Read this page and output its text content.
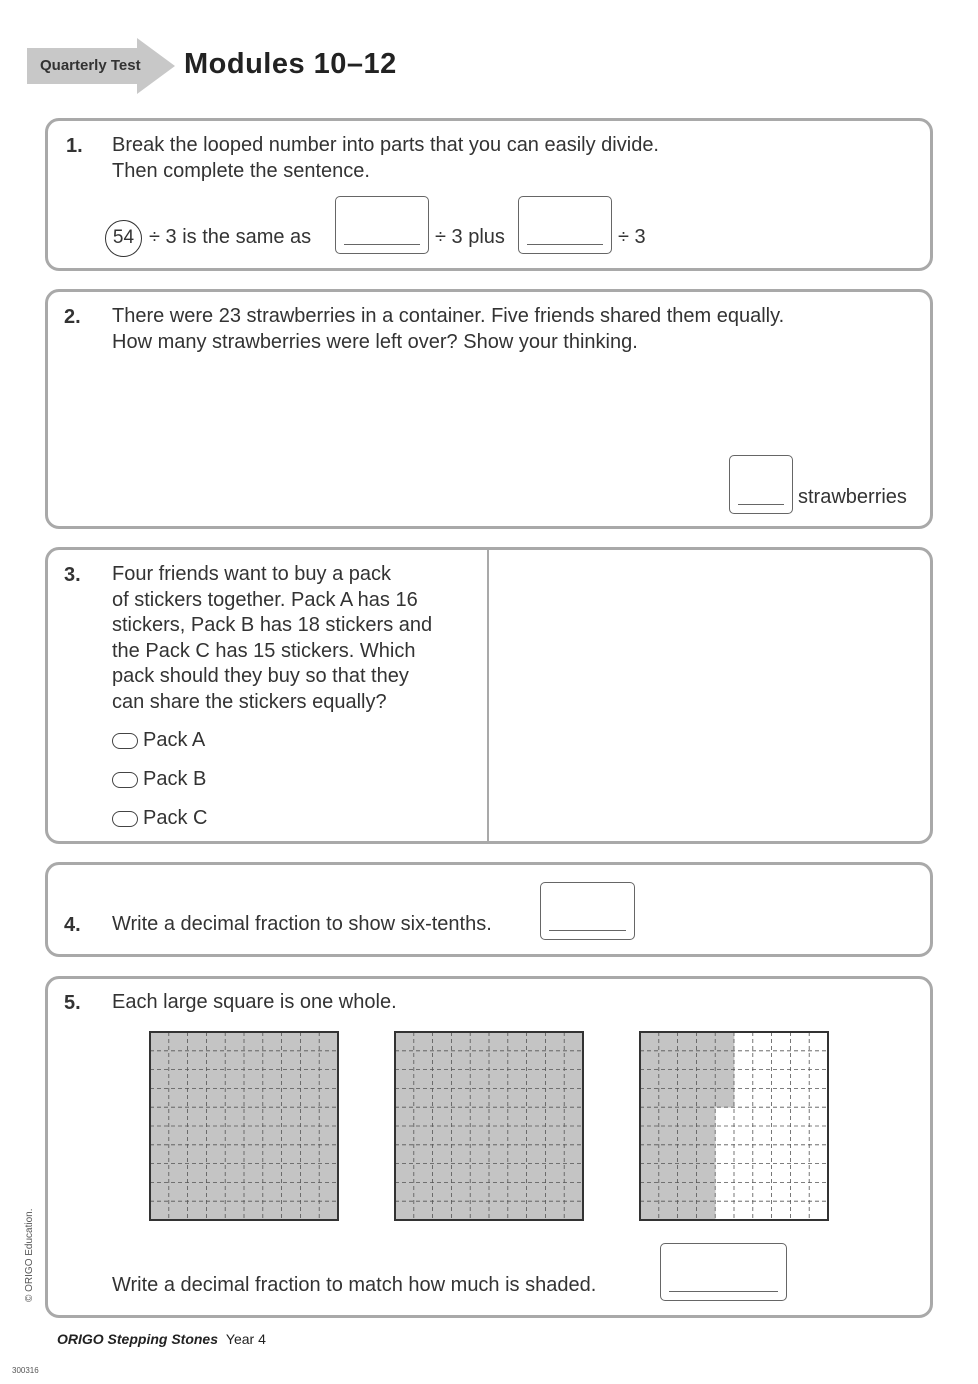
Quarterly Test Modules 10–12
1. Break the looped number into parts that you can easily divide.
Then complete the sentence.
54 ÷ 3 is the same as	÷ 3 plus	÷ 3
2. There were 23 strawberries in a container. Five friends shared them equally.
How many strawberries were left over? Show your thinking.
strawberries
3. Four friends want to buy a pack
of stickers together. Pack A has 16
stickers, Pack B has 18 stickers and
the Pack C has 15 stickers. Which
pack should they buy so that they
can share the stickers equally?
Pack A
Pack B
Pack C
4. Write a decimal fraction to show six-tenths.
5. Each large square is one whole.
Write a decimal fraction to match how much is shaded.
ORIGO Stepping Stones Year 4
© ORIGO Education.
300316
